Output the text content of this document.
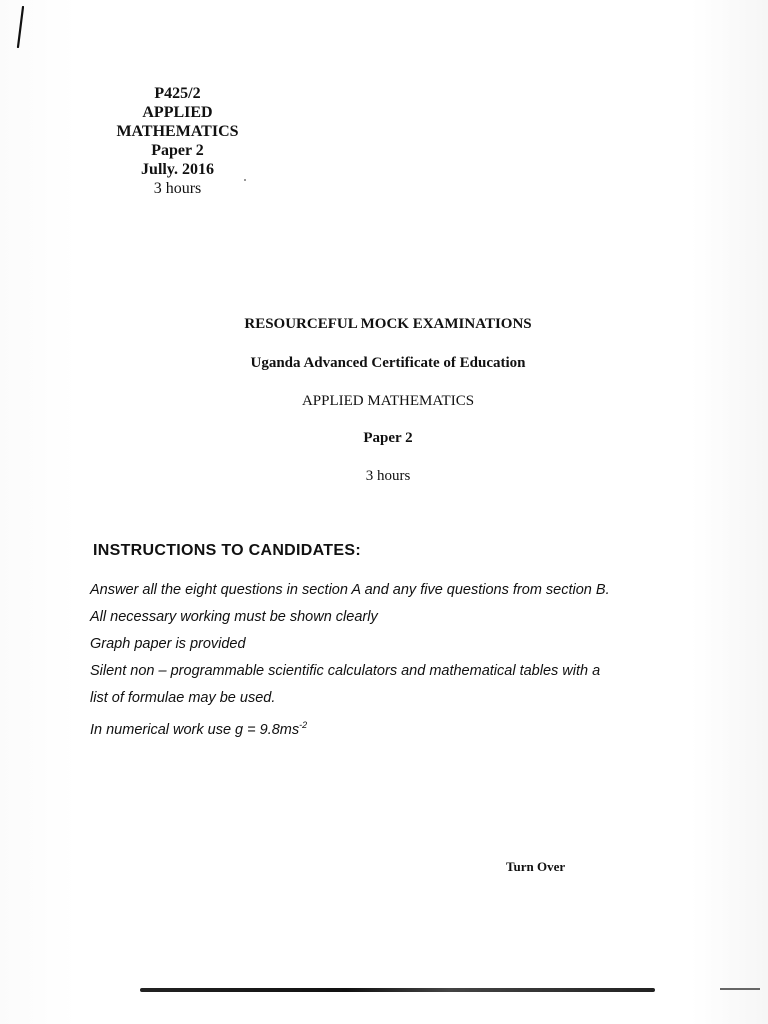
P425/2
APPLIED
MATHEMATICS
Paper 2
Jully. 2016
3 hours
RESOURCEFUL MOCK EXAMINATIONS
Uganda Advanced Certificate of Education
APPLIED MATHEMATICS
Paper 2
3 hours
INSTRUCTIONS TO CANDIDATES:
Answer all the eight questions in section A and any five questions from section B.
All necessary working must be shown clearly
Graph paper is provided
Silent non – programmable scientific calculators and mathematical tables with a
list of formulae may be used.
In numerical work use $g = 9.8ms^{-2}$
Turn Over
